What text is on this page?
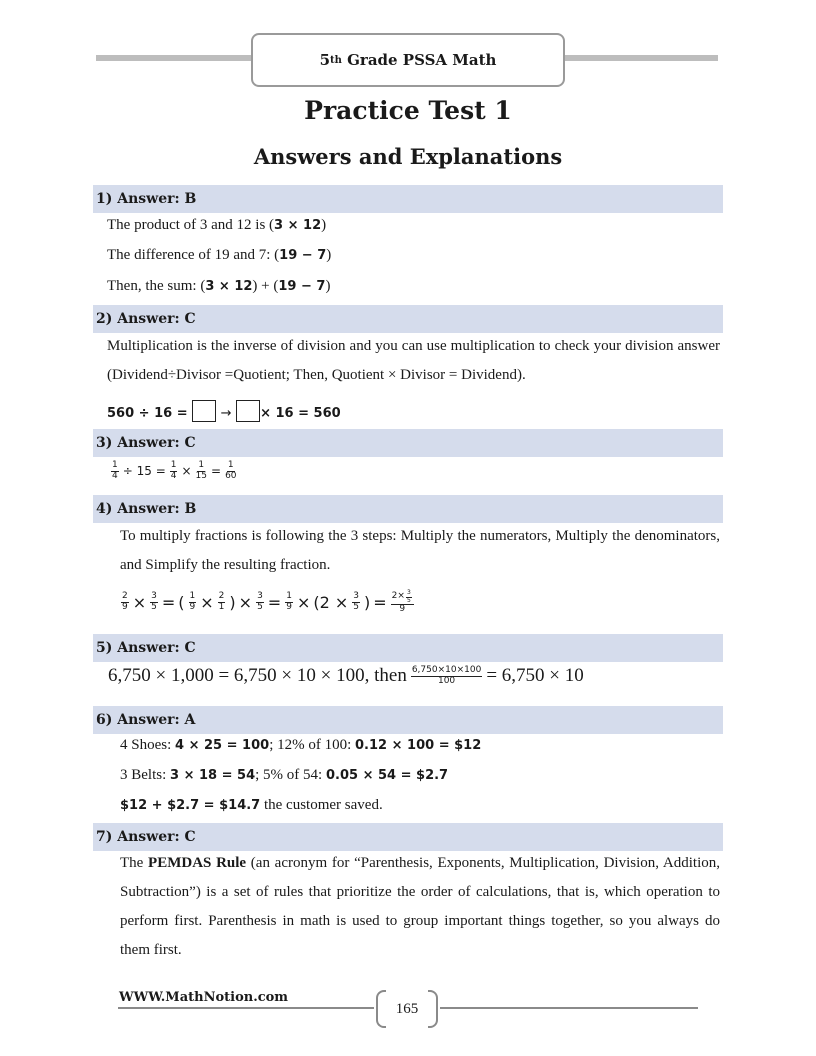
5 th Grade PSSA Math
Practice Test 1
Answers and Explanations
1) Answer: B
The product of 3 and 12 is (3 × 12)
The difference of 19 and 7: (19 − 7)
Then, the sum: (3 × 12) + (19 − 7)
2) Answer: C
Multiplication is the inverse of division and you can use multiplication to check your division answer (Dividend÷Divisor =Quotient; Then, Quotient × Divisor = Dividend).
560 ÷ 16 =	→ × 16 = 560
3) Answer: C
$\frac{1}{4} \div 15 = \frac{1}{4} \times \frac{1}{15} = \frac{1}{60}$
4) Answer: B
To multiply fractions is following the 3 steps: Multiply the numerators, Multiply the denominators, and Simplify the resulting fraction.
$\frac{2}{9} \times \frac{3}{5}$ = ( $\frac{1}{9} \times \frac{2}{1}$ ) × $\frac{3}{5} = \frac{1}{9} \times (2 \times \frac{3}{5}$ ) = $\frac{2\times \frac{3}{5}}{9}$
5) Answer: C
6,750 × 1,000 = 6,750 × 10 × 100, then $\frac{6,750\times 10\times 100}{100} = 6,750 \times 10$
6) Answer: A
4 Shoes: 4 × 25 = 100; 12% of 100: 0.12 × 100 = $12
3 Belts: 3 × 18 = 54; 5% of 54: 0.05 × 54 = $2.7
$12 + $2.7 = $14.7 the customer saved.
7) Answer: C
The PEMDAS Rule (an acronym for “Parenthesis, Exponents, Multiplication, Division, Addition, Subtraction”) is a set of rules that prioritize the order of calculations, that is, which operation to perform first. Parenthesis in math is used to group important things together, so you always do them first.
WWW.MathNotion.com
165
